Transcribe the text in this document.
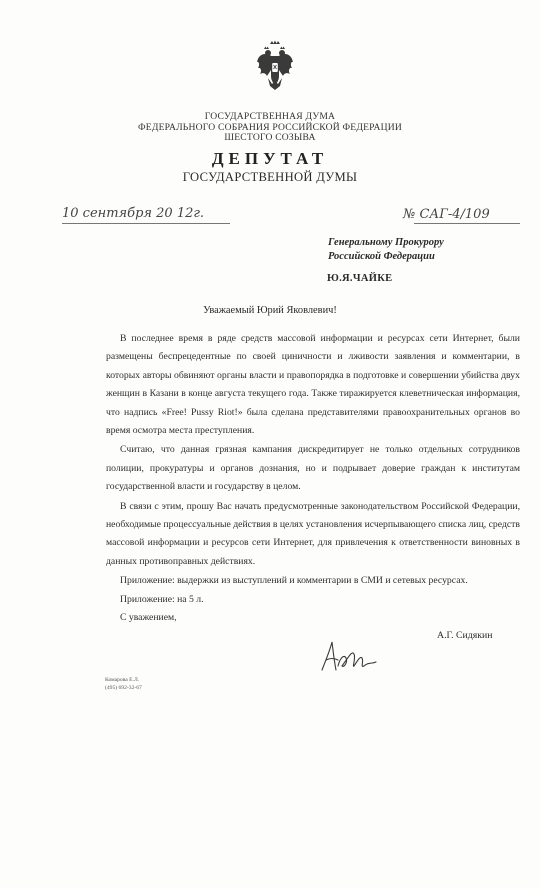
ГОСУДАРСТВЕННАЯ ДУМА
ФЕДЕРАЛЬНОГО СОБРАНИЯ РОССИЙСКОЙ ФЕДЕРАЦИИ
ШЕСТОГО СОЗЫВА
ДЕПУТАТ
ГОСУДАРСТВЕННОЙ ДУМЫ
10 сентября 20 12г.	№ САГ-4/109
Генеральному Прокурору
Российской Федерации
Ю.Я.ЧАЙКЕ
Уважаемый Юрий Яковлевич!

В последнее время в ряде средств массовой информации и ресурсах сети Интернет, были размещены беспрецедентные по своей циничности и лживости заявления и комментарии, в которых авторы обвиняют органы власти и правопорядка в подготовке и совершении убийства двух женщин в Казани в конце августа текущего года. Также тиражируется клеветническая информация, что надпись «Free! Pussy Riot!» была сделана представителями правоохранительных органов во время осмотра места преступления.

Считаю, что данная грязная кампания дискредитирует не только отдельных сотрудников полиции, прокуратуры и органов дознания, но и подрывает доверие граждан к институтам государственной власти и государству в целом.

В связи с этим, прошу Вас начать предусмотренные законодательством Российской Федерации, необходимые процессуальные действия в целях установления исчерпывающего списка лиц, средств массовой информации и ресурсов сети Интернет, для привлечения к ответственности виновных в данных противоправных действиях.

Приложение: выдержки из выступлений и комментарии в СМИ и сетевых ресурсах.

Приложение: на 5 л.

С уважением,

А.Г. Сидякин
Комарова Е.Л.
(495) 692-32-67
